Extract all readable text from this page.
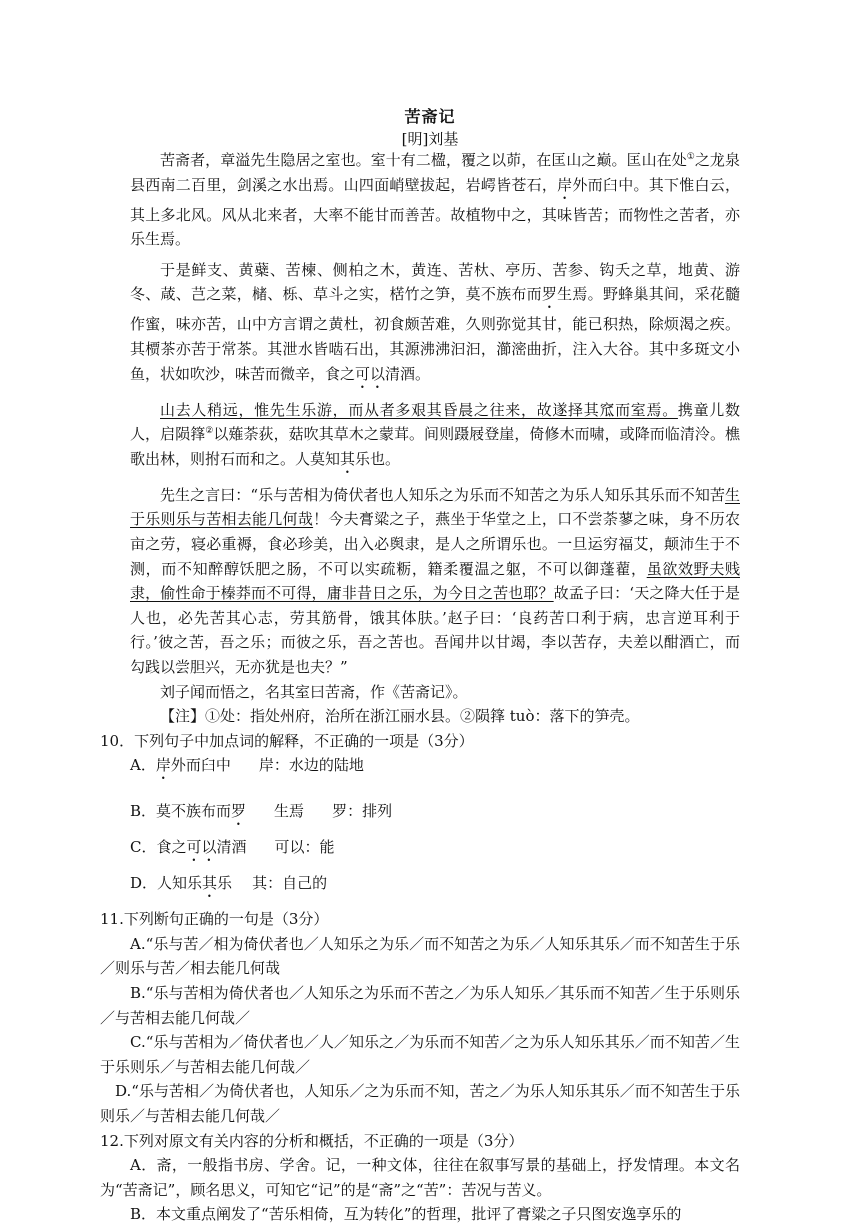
苦斋记
[明]刘基

苦斋者，章溢先生隐居之室也。室十有二楹，覆之以茆，在匡山之巅。匡山在处①之龙泉县西南二百里，剑溪之水出焉。山四面峭壁拔起，岩崿皆苍石，岸外而臼中。其下惟白云，其上多北风。风从北来者，大率不能甘而善苦。故植物中之，其味皆苦；而物性之苦者，亦乐生焉。

于是鲜支、黄蘗、苦楝、侧柏之木，黄连、苦杕、亭历、苦参、钩夭之草，地黄、游冬、葴、芑之菜，槠、栎、草斗之实，楛竹之笋，莫不族布而罗生焉。野蜂巢其间，采花髓作蜜，味亦苦，山中方言谓之黄杜，初食颇苦难，久则弥觉其甘，能已积热，除烦渴之疾。其槚茶亦苦于常茶。其泄水皆啮石出，其源沸沸汩汩，瀄滵曲折，注入大谷。其中多斑文小鱼，状如吹沙，味苦而微辛，食之可以清酒。

山去人稍远，惟先生乐游，而从者多艰其昏晨之往来，故遂择其窊而室焉。携童儿数人，启陨箨②以薙荼荻，菇吹其草木之蒙茸。间则蹑屐登崖，倚修木而啸，或降而临清泠。樵歌出林，则拊石而和之。人莫知其乐也。

先生之言曰：“乐与苦相为倚伏者也人知乐之为乐而不知苦之为乐人知乐其乐而不知苦生于乐则乐与苦相去能几何哉！今夫膏粱之子，燕坐于华堂之上，口不尝荼蓼之味，身不历农亩之劳，寝必重褥，食必珍美，出入必舆隶，是人之所谓乐也。一旦运穷福艾，颠沛生于不测，而不知醉醇饫肥之肠，不可以实疏粝，籍柔覆温之躯，不可以御蓬藋，虽欲效野夫贱隶，偷性命于榛莽而不可得，庸非昔日之乐，为今日之苦也耶？故孟子曰：‘天之降大任于是人也，必先苦其心志，劳其筋骨，饿其体肤。’赵子曰：‘良药苦口利于病，忠言逆耳利于行。’彼之苦，吾之乐；而彼之乐，吾之苦也。吾闻井以甘竭，李以苦存，夫差以酣酒亡，而勾践以尝胆兴，无亦犹是也夫？”

刘子闻而悟之，名其室曰苦斋，作《苦斋记》。

【注】①处：指处州府，治所在浙江丽水县。②陨箨 tuò：落下的笋壳。

10．下列句子中加点词的解释，不正确的一项是（3分）

A．岸外而臼中 岸：水边的陆地

B．莫不族布而罗 生焉 罗：排列

C．食之可以清酒 可以：能

D．人知乐其乐 其：自己的

11.下列断句正确的一句是（3分）

A.“乐与苦／相为倚伏者也／人知乐之为乐／而不知苦之为乐／人知乐其乐／而不知苦生于乐／则乐与苦／相去能几何哉

B.“乐与苦相为倚伏者也／人知乐之为乐而不苦之／为乐人知乐／其乐而不知苦／生于乐则乐／与苦相去能几何哉／

C.“乐与苦相为／倚伏者也／人／知乐之／为乐而不知苦／之为乐人知乐其乐／而不知苦／生于乐则乐／与苦相去能几何哉／

D.“乐与苦相／为倚伏者也，人知乐／之为乐而不知，苦之／为乐人知乐其乐／而不知苦生于乐则乐／与苦相去能几何哉／

12.下列对原文有关内容的分析和概括，不正确的一项是（3分）

A．斋，一般指书房、学舍。记，一种文体，往往在叙事写景的基础上，抒发情理。本文名为“苦斋记”，顾名思义，可知它“记”的是“斋”之“苦”：苦况与苦义。

B．本文重点阐发了“苦乐相倚，互为转化”的哲理，批评了膏粱之子只图安逸享乐的
